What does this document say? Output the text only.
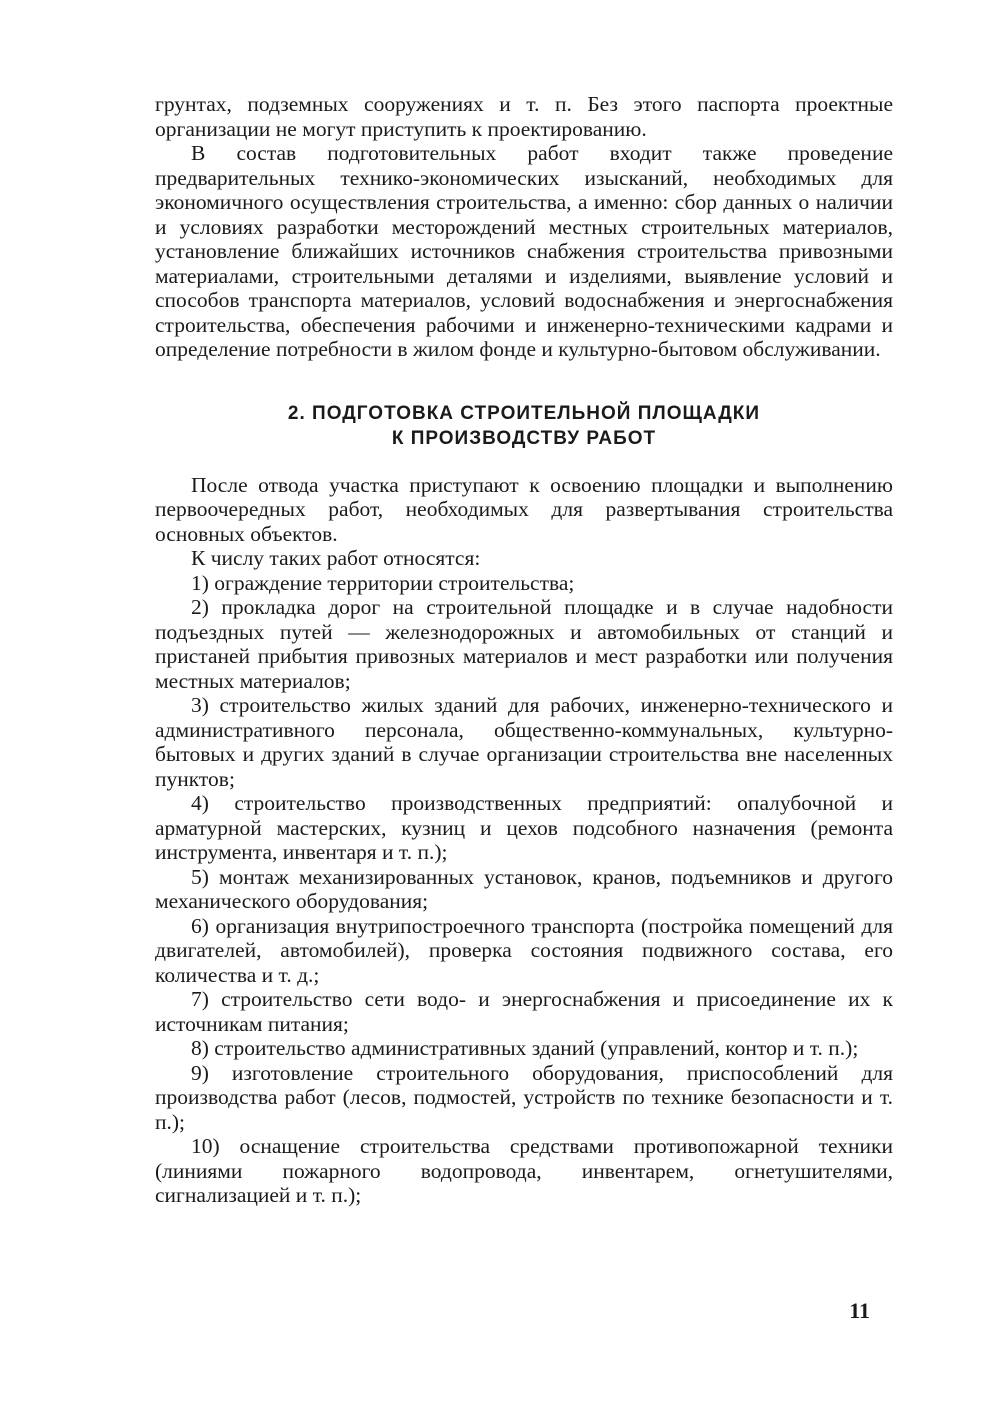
грунтах, подземных сооружениях и т. п. Без этого паспорта проектные организации не могут приступить к проектированию.

В состав подготовительных работ входит также проведение предварительных технико-экономических изысканий, необходимых для экономичного осуществления строительства, а именно: сбор данных о наличии и условиях разработки месторождений местных строительных материалов, установление ближайших источников снабжения строительства привозными материалами, строительными деталями и изделиями, выявление условий и способов транспорта материалов, условий водоснабжения и энергоснабжения строительства, обеспечения рабочими и инженерно-техническими кадрами и определение потребности в жилом фонде и культурно-бытовом обслуживании.

2. ПОДГОТОВКА СТРОИТЕЛЬНОЙ ПЛОЩАДКИ
К ПРОИЗВОДСТВУ РАБОТ

После отвода участка приступают к освоению площадки и выполнению первоочередных работ, необходимых для развертывания строительства основных объектов.

К числу таких работ относятся:

1) ограждение территории строительства;

2) прокладка дорог на строительной площадке и в случае надобности подъездных путей — железнодорожных и автомобильных от станций и пристаней прибытия привозных материалов и мест разработки или получения местных материалов;

3) строительство жилых зданий для рабочих, инженерно-технического и административного персонала, общественно-коммунальных, культурно-бытовых и других зданий в случае организации строительства вне населенных пунктов;

4) строительство производственных предприятий: опалубочной и арматурной мастерских, кузниц и цехов подсобного назначения (ремонта инструмента, инвентаря и т. п.);

5) монтаж механизированных установок, кранов, подъемников и другого механического оборудования;

6) организация внутрипостроечного транспорта (постройка помещений для двигателей, автомобилей), проверка состояния подвижного состава, его количества и т. д.;

7) строительство сети водо- и энергоснабжения и присоединение их к источникам питания;

8) строительство административных зданий (управлений, контор и т. п.);

9) изготовление строительного оборудования, приспособлений для производства работ (лесов, подмостей, устройств по технике безопасности и т. п.);

10) оснащение строительства средствами противопожарной техники (линиями пожарного водопровода, инвентарем, огнетушителями, сигнализацией и т. п.);

11
